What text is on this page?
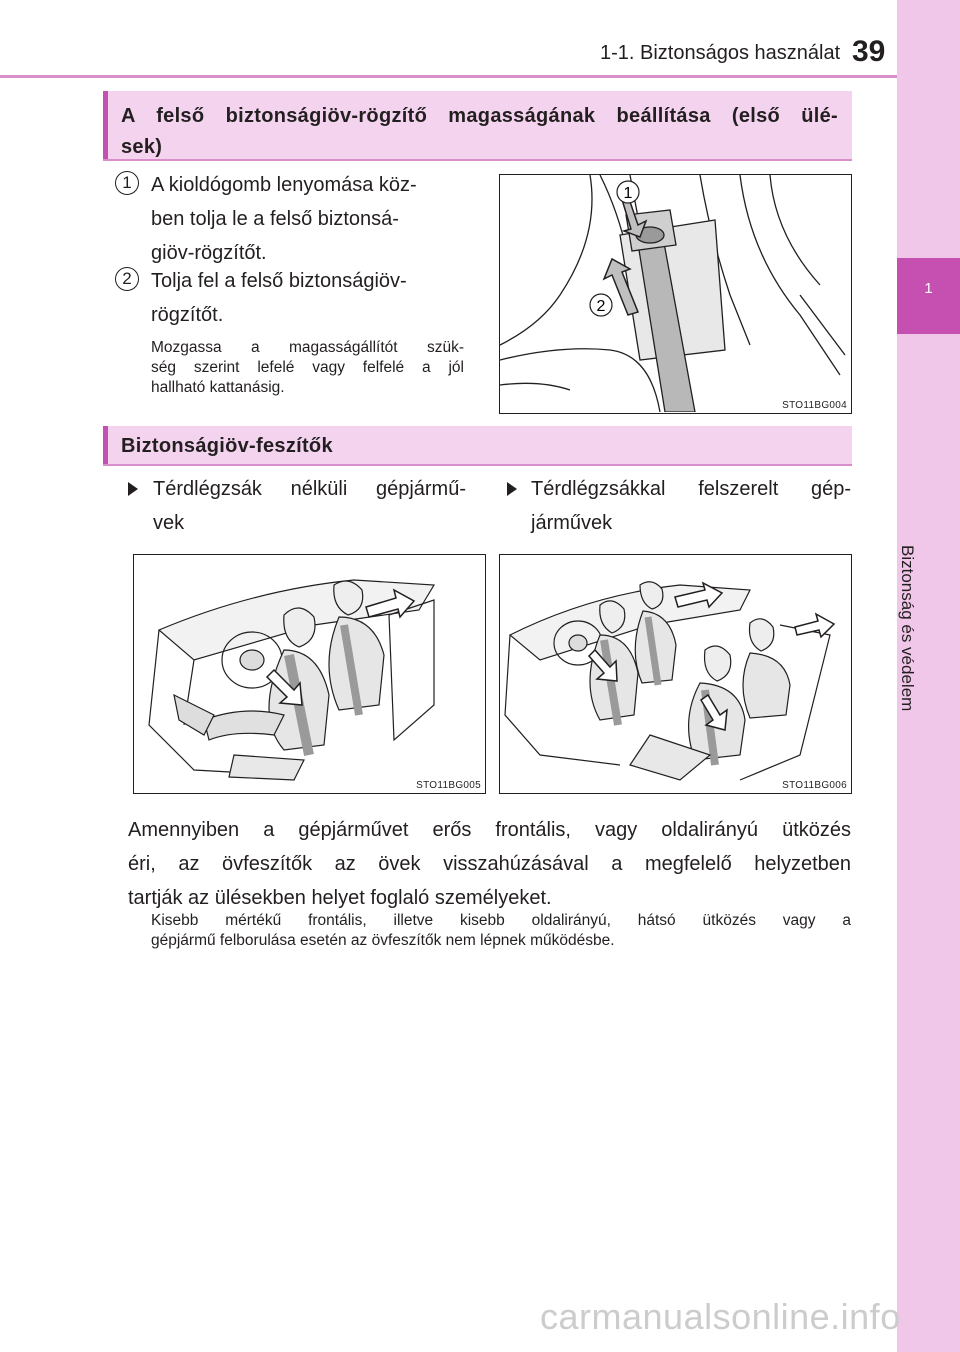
1-1. Biztonságos használat 39
1
Biztonság és védelem
A felső biztonságiöv-rögzítő magasságának beállítása (első ülé-
sek)
1 A kioldógomb lenyomása köz-
ben tolja le a felső biztonsá-
giöv-rögzítőt.
2 Tolja fel a felső biztonságiöv-
rögzítőt.
Mozgassa a magasságállítót szük-
ség szerint lefelé vagy felfelé a jól
hallható kattanásig.
1
2
STO11BG004
Biztonságiöv-feszítők
Térdlégzsák nélküli gépjármű-
vek
Térdlégzsákkal felszerelt gép-
járművek
STO11BG005	STO11BG006
Amennyiben a gépjárművet erős frontális, vagy oldalirányú ütközés
éri, az övfeszítők az övek visszahúzásával a megfelelő helyzetben
tartják az ülésekben helyet foglaló személyeket.
Kisebb mértékű frontális, illetve kisebb oldalirányú, hátsó ütközés vagy a
gépjármű felborulása esetén az övfeszítők nem lépnek működésbe.
carmanualsonline.info
